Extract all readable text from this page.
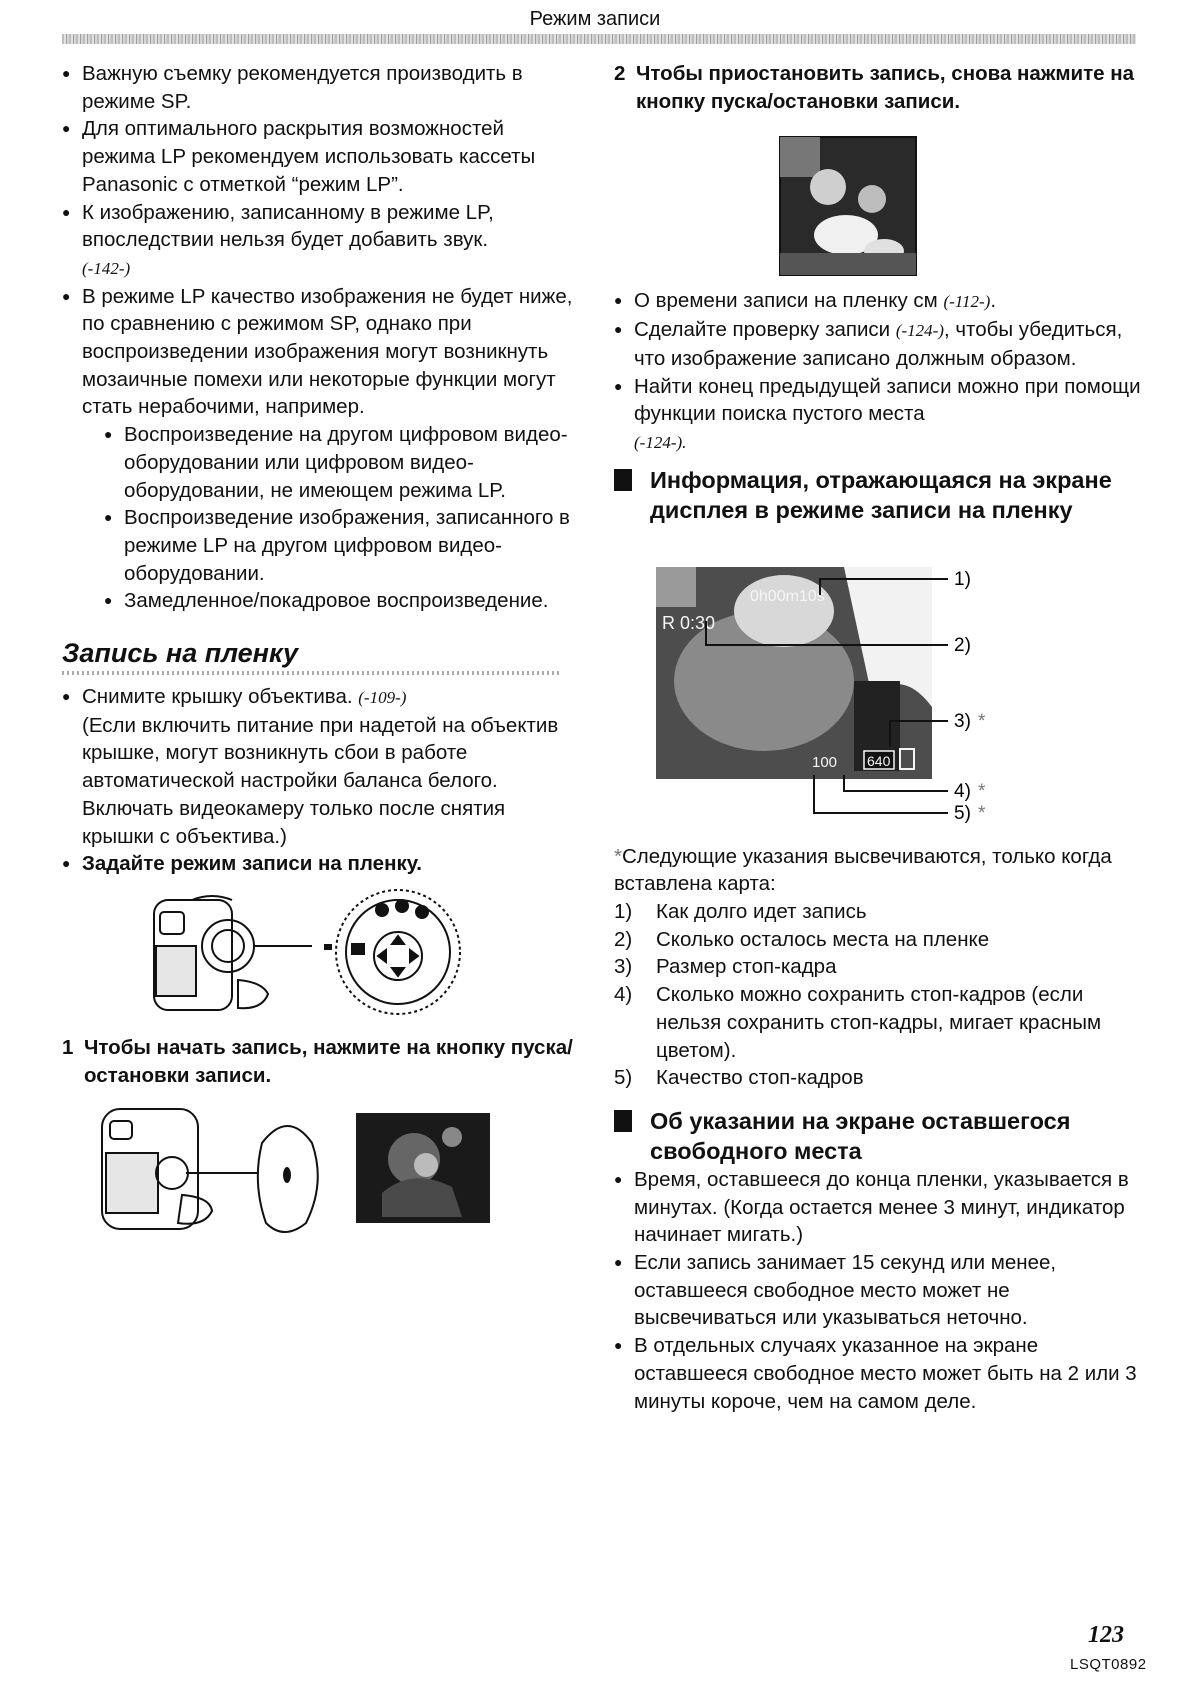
Режим записи
● Важную съемку рекомендуется производить в режиме SP.
● Для оптимального раскрытия возможностей режима LP рекомендуем использовать кассеты Panasonic с отметкой “режим LP”.
● К изображению, записанному в режиме LP, впоследствии нельзя будет добавить звук.
(-142-)
● В режиме LP качество изображения не будет ниже, по сравнению с режимом SP, однако при воспроизведении изображения могут возникнуть мозаичные помехи или некоторые функции могут стать нерабочими, например.
● Воспроизведение на другом цифровом видео-оборудовании или цифровом видео-оборудовании, не имеющем режима LP.
● Воспроизведение изображения, записанного в режиме LP на другом цифровом видео-оборудовании.
● Замедленное/покадровое воспроизведение.
Запись на пленку
● Снимите крышку объектива. (-109-)
(Если включить питание при надетой на объектив крышке, могут возникнуть сбои в работе автоматической настройки баланса белого. Включать видеокамеру только после снятия крышки с объектива.)
● Задайте режим записи на пленку.
1 Чтобы начать запись, нажмите на кнопку пуска/остановки записи.
2 Чтобы приостановить запись, снова нажмите на кнопку пуска/остановки записи.
● О времени записи на пленку см (-112-).
● Сделайте проверку записи (-124-), чтобы убедиться, что изображение записано должным образом.
● Найти конец предыдущей записи можно при помощи функции поиска пустого места
(-124-).
Информация, отражающаяся на экране дисплея в режиме записи на пленку
0h00m10s
R 0:30
100 640
1)
2)
3) *
4) *
5) *
*Следующие указания высвечиваются, только когда вставлена карта:
1) Как долго идет запись
2) Сколько осталось места на пленке
3) Размер стоп-кадра
4) Сколько можно сохранить стоп-кадров (если нельзя сохранить стоп-кадры, мигает красным цветом).
5) Качество стоп-кадров
Об указании на экране оставшегося свободного места
● Время, оставшееся до конца пленки, указывается в минутах. (Когда остается менее 3 минут, индикатор начинает мигать.)
● Если запись занимает 15 секунд или менее, оставшееся свободное место может не высвечиваться или указываться неточно.
● В отдельных случаях указанное на экране оставшееся свободное место может быть на 2 или 3 минуты короче, чем на самом деле.
123
LSQT0892
